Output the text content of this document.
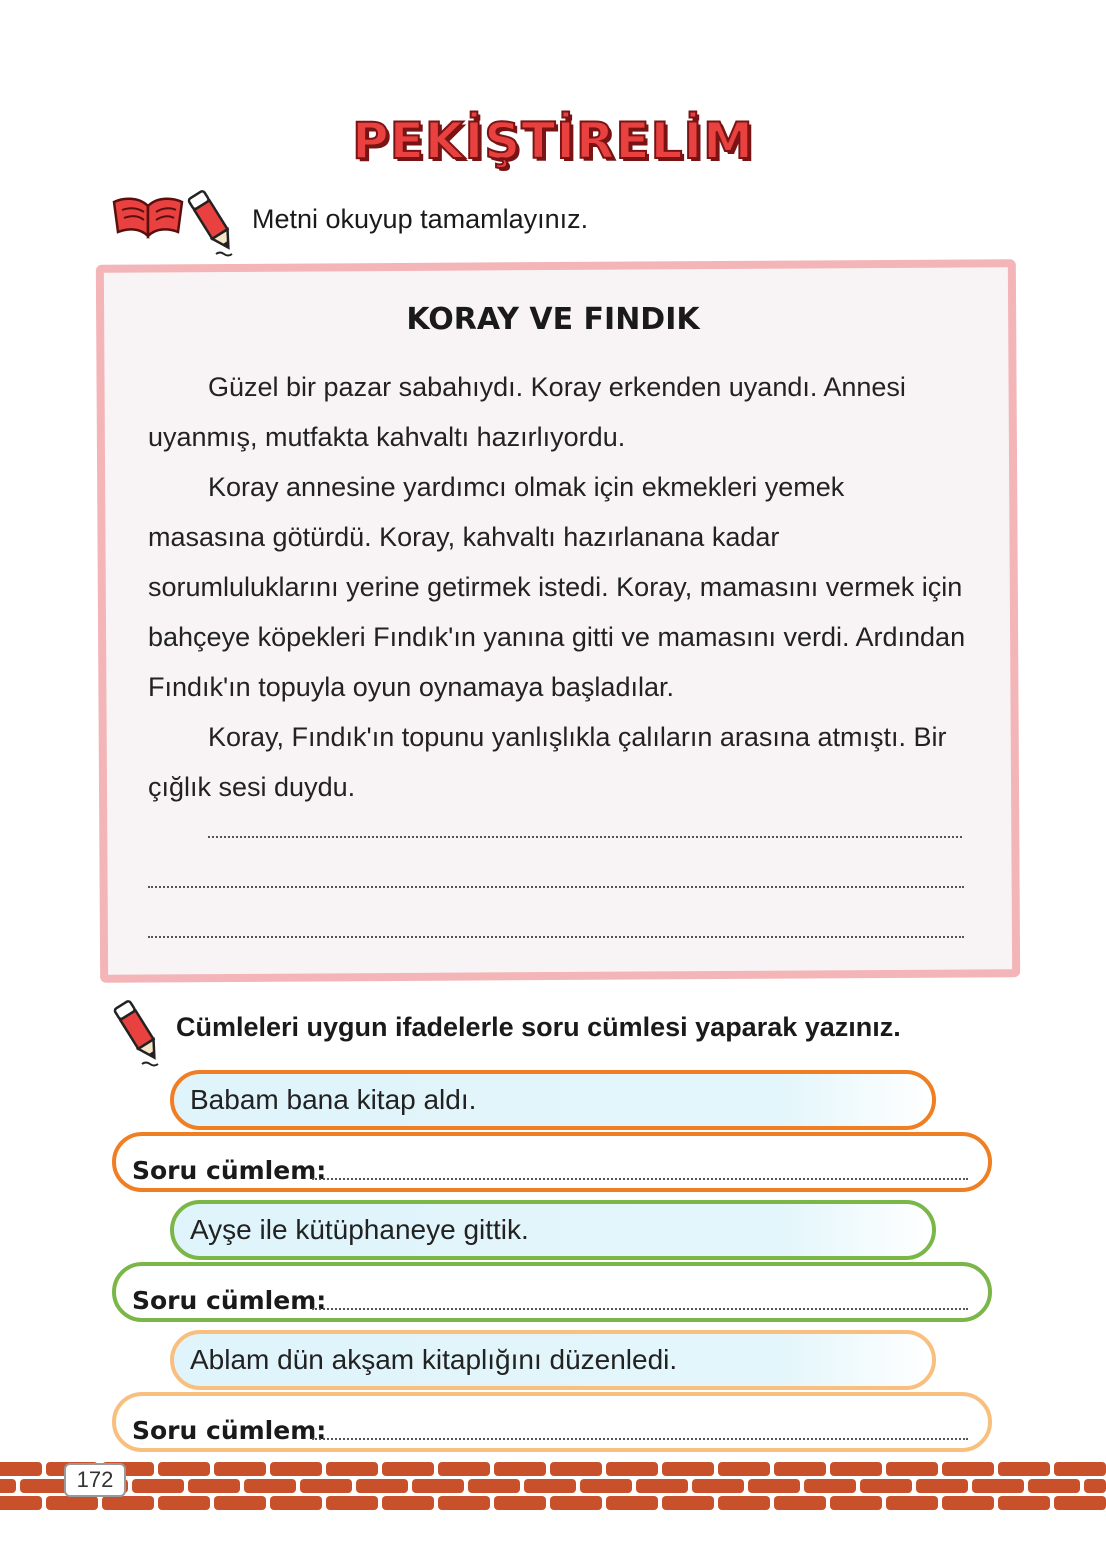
PEKİŞTİRELİM
Metni okuyup tamamlayınız.
KORAY VE FINDIK

Güzel bir pazar sabahıydı. Koray erkenden uyandı. Annesi uyanmış, mutfakta kahvaltı hazırlıyordu.

Koray annesine yardımcı olmak için ekmekleri yemek masasına götürdü. Koray, kahvaltı hazırlanana kadar sorumluluklarını yerine getirmek istedi. Koray, mamasını vermek için bahçeye köpekleri Fındık'ın yanına gitti ve mamasını verdi. Ardından Fındık'ın topuyla oyun oynamaya başladılar.

Koray, Fındık'ın topunu yanlışlıkla çalıların arasına atmıştı. Bir çığlık sesi duydu.

Cümleleri uygun ifadelerle soru cümlesi yaparak yazınız.
Babam bana kitap aldı.
Soru cümlem:
Ayşe ile kütüphaneye gittik.
Soru cümlem:
Ablam dün akşam kitaplığını düzenledi.
Soru cümlem:
172
